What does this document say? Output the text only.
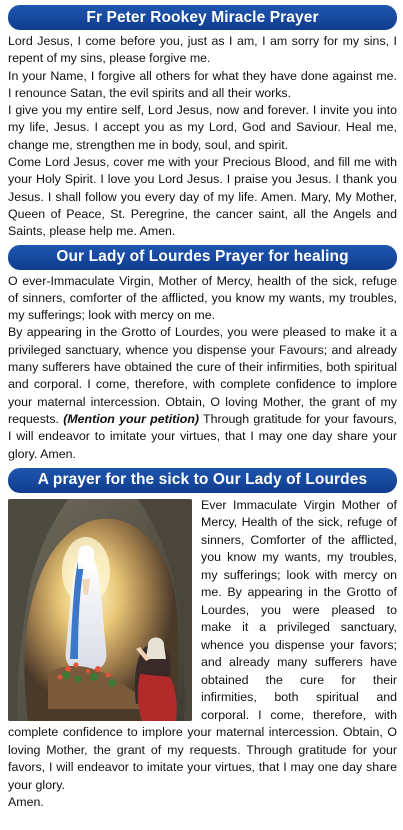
Fr Peter Rookey Miracle Prayer

Lord Jesus, I come before you, just as I am, I am sorry for my sins, I repent of my sins, please forgive me.

In your Name, I forgive all others for what they have done against me. I renounce Satan, the evil spirits and all their works.

I give you my entire self, Lord Jesus, now and forever. I invite you into my life, Jesus. I accept you as my Lord, God and Saviour. Heal me, change me, strengthen me in body, soul, and spirit.

Come Lord Jesus, cover me with your Precious Blood, and fill me with your Holy Spirit. I love you Lord Jesus. I praise you Jesus. I thank you Jesus. I shall follow you every day of my life. Amen. Mary, My Mother, Queen of Peace, St. Peregrine, the cancer saint, all the Angels and Saints, please help me. Amen.

Our Lady of Lourdes Prayer for healing

O ever-Immaculate Virgin, Mother of Mercy, health of the sick, refuge of sinners, comforter of the afflicted, you know my wants, my troubles, my sufferings; look with mercy on me.

By appearing in the Grotto of Lourdes, you were pleased to make it a privileged sanctuary, whence you dispense your Favours; and already many sufferers have obtained the cure of their infirmities, both spiritual and corporal. I come, therefore, with complete confidence to implore your maternal intercession. Obtain, O loving Mother, the grant of my requests. (Mention your petition) Through gratitude for your favours, I will endeavor to imitate your virtues, that I may one day share your glory. Amen.

A prayer for the sick to Our Lady of Lourdes

Ever Immaculate Virgin Mother of Mercy, Health of the sick, refuge of sinners, Comforter of the afflicted, you know my wants, my troubles, my sufferings; look with mercy on me. By appearing in the Grotto of Lourdes, you were pleased to make it a privileged sanctuary, whence you dispense your favors; and already many sufferers have obtained the cure for their infirmities, both spiritual and corporal. I come, therefore, with complete confidence to implore your maternal intercession. Obtain, O loving Mother, the grant of my requests. Through gratitude for your favors, I will endeavor to imitate your virtues, that I may one day share your glory.

Amen.
